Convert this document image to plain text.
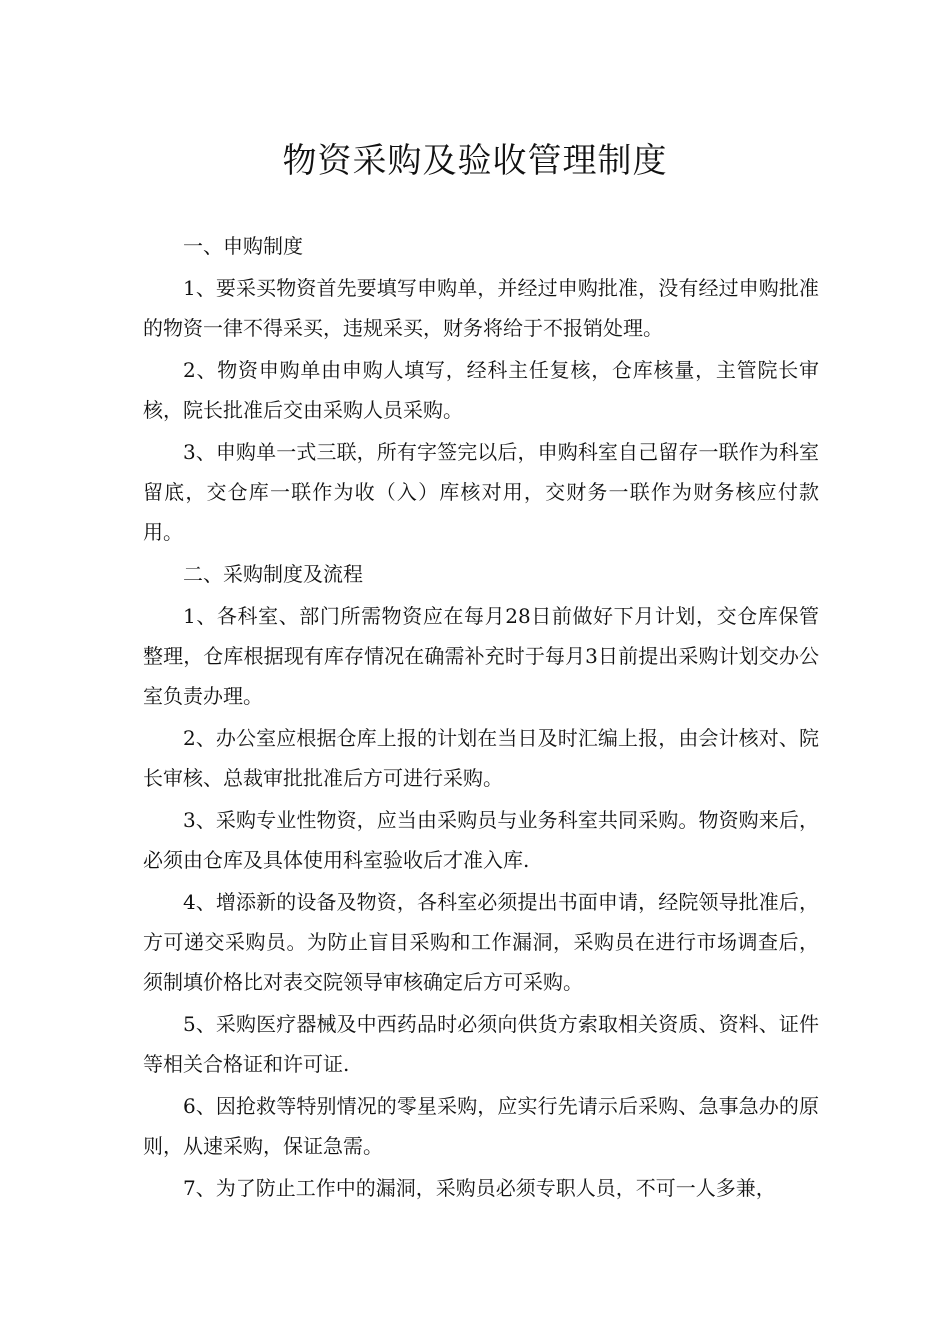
物资采购及验收管理制度

一、申购制度

1、要采买物资首先要填写申购单，并经过申购批准，没有经过申购批准的物资一律不得采买，违规采买，财务将给于不报销处理。

2、物资申购单由申购人填写，经科主任复核，仓库核量，主管院长审核，院长批准后交由采购人员采购。

3、申购单一式三联，所有字签完以后，申购科室自己留存一联作为科室留底，交仓库一联作为收（入）库核对用，交财务一联作为财务核应付款用。

二、采购制度及流程

1、各科室、部门所需物资应在每月28日前做好下月计划，交仓库保管整理，仓库根据现有库存情况在确需补充时于每月3日前提出采购计划交办公室负责办理。

2、办公室应根据仓库上报的计划在当日及时汇编上报，由会计核对、院长审核、总裁审批批准后方可进行采购。

3、采购专业性物资，应当由采购员与业务科室共同采购。物资购来后，必须由仓库及具体使用科室验收后才准入库.

4、增添新的设备及物资，各科室必须提出书面申请，经院领导批准后，方可递交采购员。为防止盲目采购和工作漏洞，采购员在进行市场调查后，须制填价格比对表交院领导审核确定后方可采购。

5、采购医疗器械及中西药品时必须向供货方索取相关资质、资料、证件等相关合格证和许可证.

6、因抢救等特别情况的零星采购，应实行先请示后采购、急事急办的原则，从速采购，保证急需。

7、为了防止工作中的漏洞，采购员必须专职人员，不可一人多兼，
